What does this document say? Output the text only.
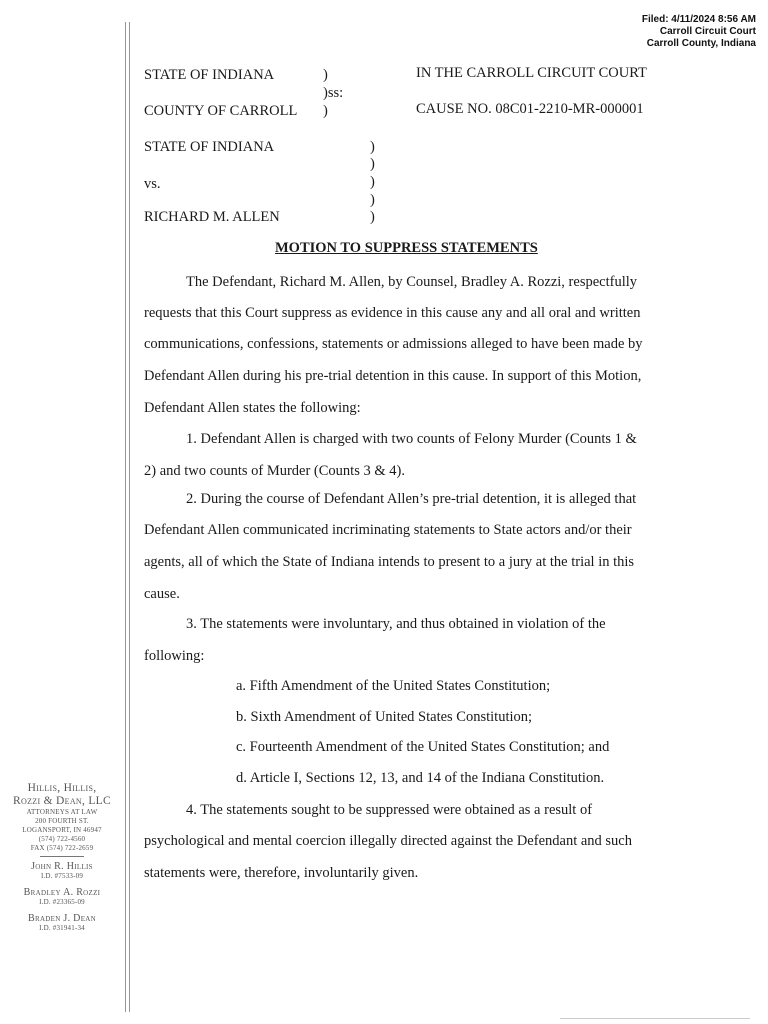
Filed: 4/11/2024 8:56 AM
Carroll Circuit Court
Carroll County, Indiana
STATE OF INDIANA	)
)ss:
COUNTY OF CARROLL )
IN THE CARROLL CIRCUIT COURT
CAUSE NO. 08C01-2210-MR-000001
STATE OF INDIANA
vs.
RICHARD M. ALLEN
)
)
)
)
)
MOTION TO SUPPRESS STATEMENTS
The Defendant, Richard M. Allen, by Counsel, Bradley A. Rozzi, respectfully
requests that this Court suppress as evidence in this cause any and all oral and written
communications, confessions, statements or admissions alleged to have been made by
Defendant Allen during his pre-trial detention in this cause. In support of this Motion,
Defendant Allen states the following:
1. Defendant Allen is charged with two counts of Felony Murder (Counts 1 &
2) and two counts of Murder (Counts 3 & 4).
2. During the course of Defendant Allen’s pre-trial detention, it is alleged that
Defendant Allen communicated incriminating statements to State actors and/or their
agents, all of which the State of Indiana intends to present to a jury at the trial in this
cause.
3. The statements were involuntary, and thus obtained in violation of the
following:
a. Fifth Amendment of the United States Constitution;
b. Sixth Amendment of United States Constitution;
c. Fourteenth Amendment of the United States Constitution; and
d. Article I, Sections 12, 13, and 14 of the Indiana Constitution.
4. The statements sought to be suppressed were obtained as a result of
psychological and mental coercion illegally directed against the Defendant and such
statements were, therefore, involuntarily given.
Hillis, Hillis,
Rozzi & Dean, LLC
ATTORNEYS AT LAW
200 FOURTH ST.
LOGANSPORT, IN 46947
(574) 722-4560
FAX (574) 722-2659
John R. Hillis
I.D. #7533-09
Bradley A. Rozzi
I.D. #23365-09
Braden J. Dean
I.D. #31941-34
